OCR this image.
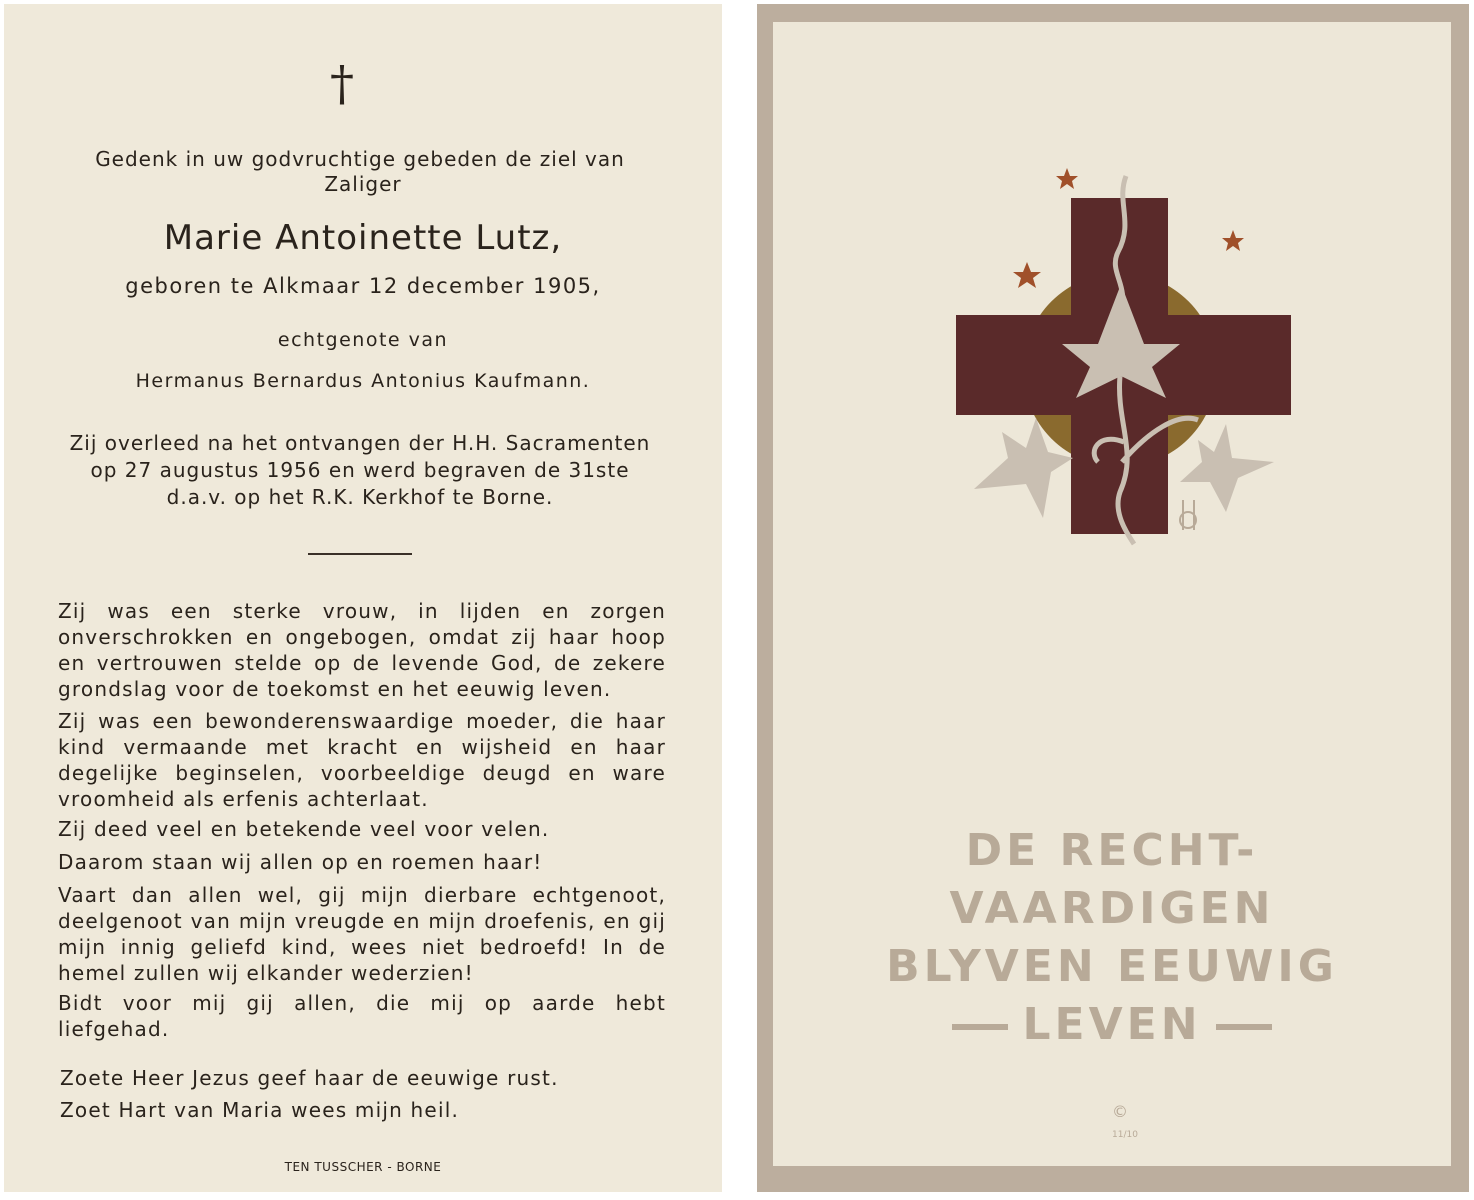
†
Gedenk in uw godvruchtige gebeden de ziel van
Zaliger
Marie Antoinette Lutz,
geboren te Alkmaar 12 december 1905,
echtgenote van
Hermanus Bernardus Antonius Kaufmann.
Zij overleed na het ontvangen der H.H. Sacramenten
op 27 augustus 1956 en werd begraven de 31ste
d.a.v. op het R.K. Kerkhof te Borne.

Zij was een sterke vrouw, in lijden en zorgen onverschrokken en ongebogen, omdat zij haar hoop en vertrouwen stelde op de levende God, de zekere grondslag voor de toekomst en het eeuwig leven.

Zij was een bewonderenswaardige moeder, die haar kind vermaande met kracht en wijsheid en haar degelijke beginselen, voorbeeldige deugd en ware vroomheid als erfenis achterlaat.

Zij deed veel en betekende veel voor velen.

Daarom staan wij allen op en roemen haar!

Vaart dan allen wel, gij mijn dierbare echtgenoot, deelgenoot van mijn vreugde en mijn droefenis, en gij mijn innig geliefd kind, wees niet bedroefd! In de hemel zullen wij elkander wederzien!

Bidt voor mij gij allen, die mij op aarde hebt liefgehad.

Zoete Heer Jezus geef haar de eeuwige rust.
Zoet Hart van Maria wees mijn heil.
TEN TUSSCHER - BORNE
DE RECHT-
VAARDIGEN
BLYVEN EEUWIG
LEVEN
©
11/10
